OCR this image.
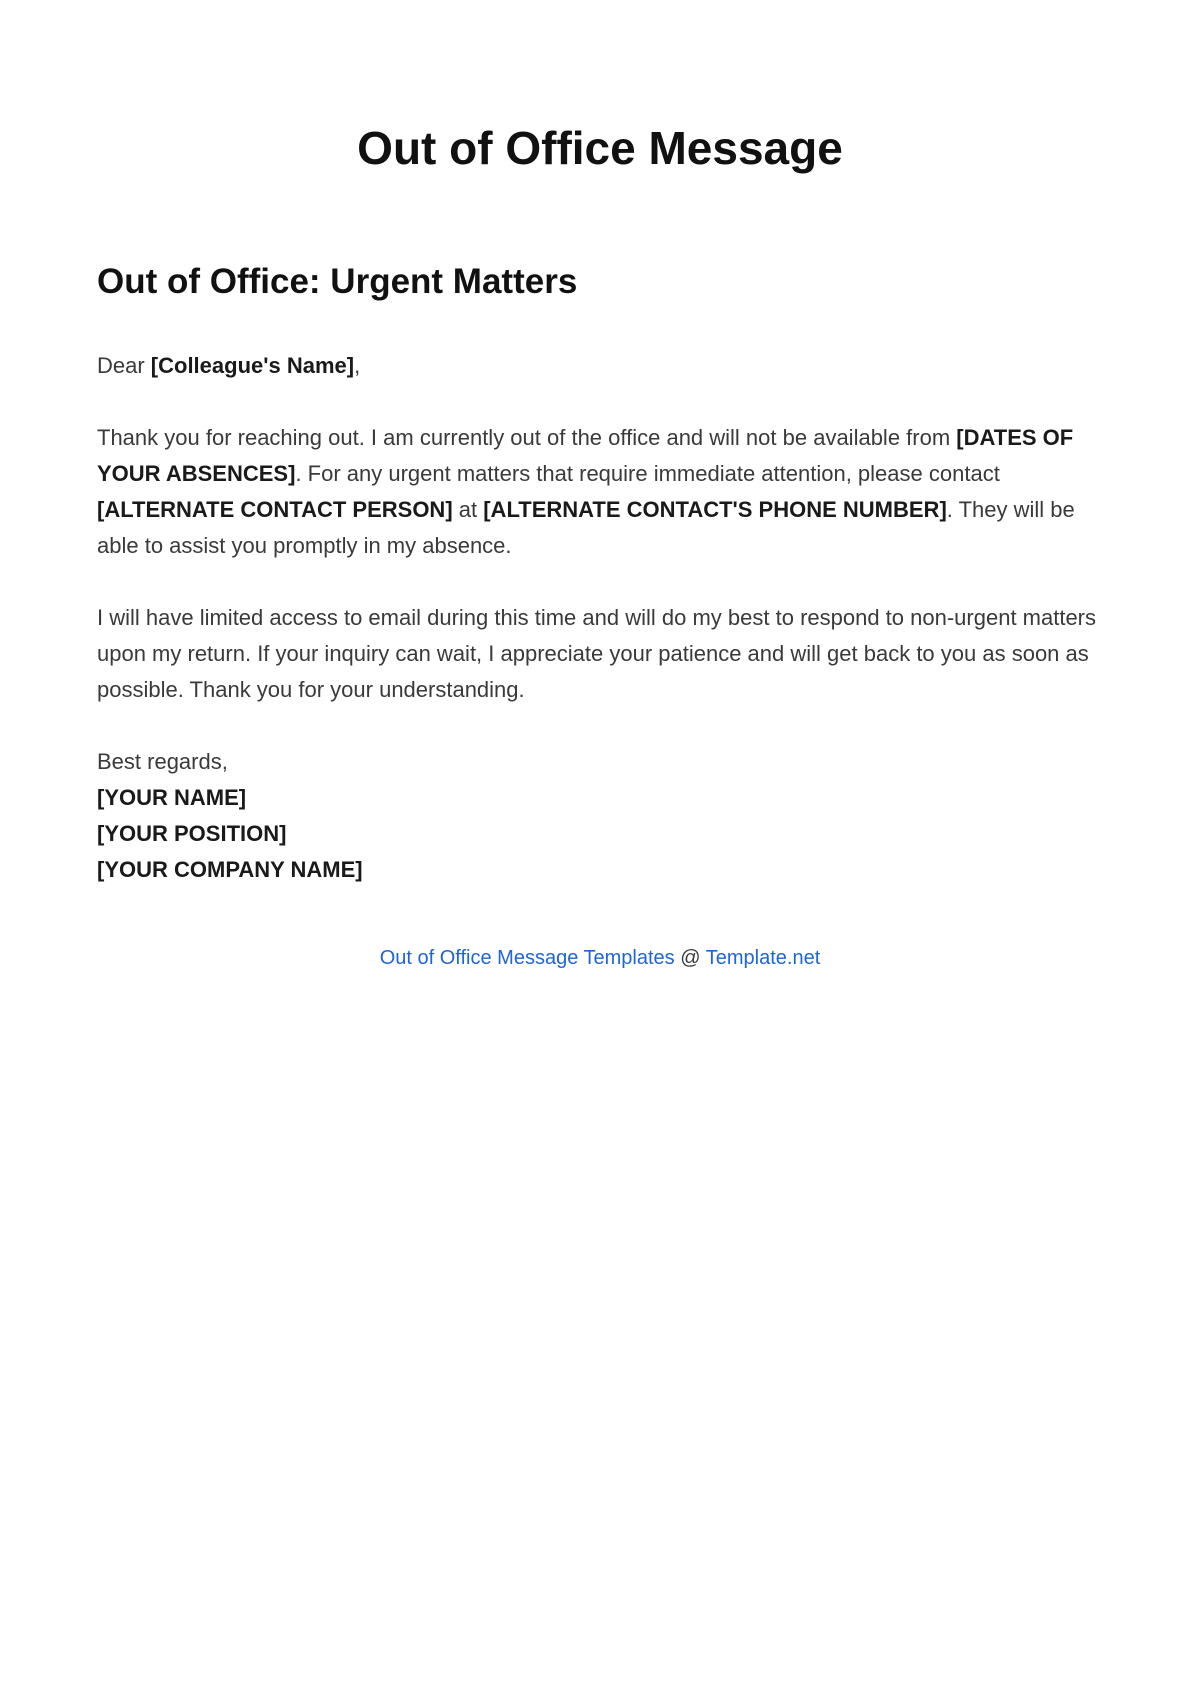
Out of Office Message
Out of Office: Urgent Matters

Dear [Colleague's Name],

Thank you for reaching out. I am currently out of the office and will not be available from [DATES OF YOUR ABSENCES]. For any urgent matters that require immediate attention, please contact [ALTERNATE CONTACT PERSON] at [ALTERNATE CONTACT'S PHONE NUMBER]. They will be able to assist you promptly in my absence.

I will have limited access to email during this time and will do my best to respond to non-urgent matters upon my return. If your inquiry can wait, I appreciate your patience and will get back to you as soon as possible. Thank you for your understanding.

Best regards,

[YOUR NAME]
[YOUR POSITION]
[YOUR COMPANY NAME]
Out of Office Message Templates @ Template.net
